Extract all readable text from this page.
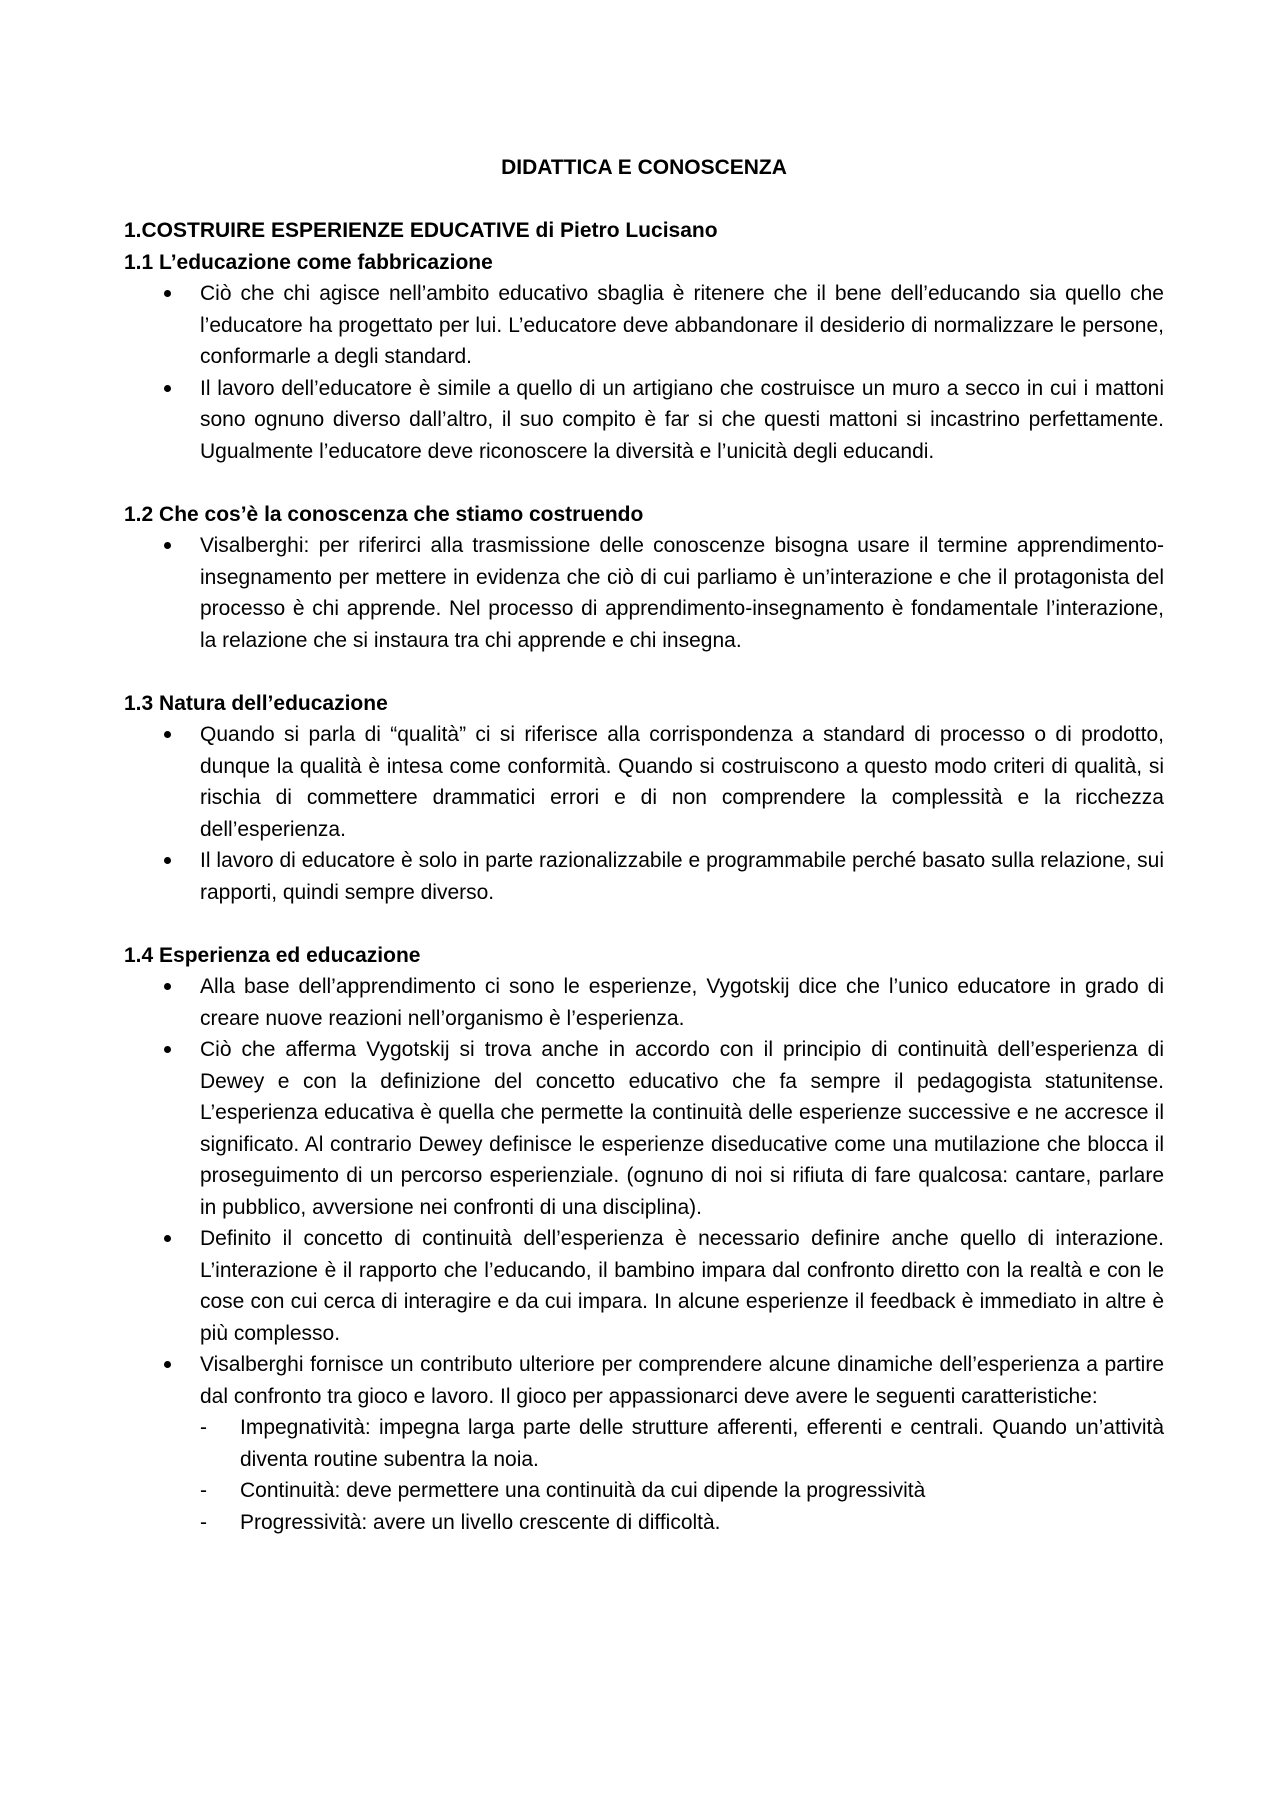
DIDATTICA E CONOSCENZA

1.COSTRUIRE ESPERIENZE EDUCATIVE di Pietro Lucisano

1.1 L’educazione come fabbricazione

Ciò che chi agisce nell’ambito educativo sbaglia è ritenere che il bene dell’educando sia quello che l’educatore ha progettato per lui. L’educatore deve abbandonare il desiderio di normalizzare le persone, conformarle a degli standard.
Il lavoro dell’educatore è simile a quello di un artigiano che costruisce un muro a secco in cui i mattoni sono ognuno diverso dall’altro, il suo compito è far si che questi mattoni si incastrino perfettamente. Ugualmente l’educatore deve riconoscere la diversità e l’unicità degli educandi.

1.2 Che cos’è la conoscenza che stiamo costruendo

Visalberghi: per riferirci alla trasmissione delle conoscenze bisogna usare il termine apprendimento-insegnamento per mettere in evidenza che ciò di cui parliamo è un’interazione e che il protagonista del processo è chi apprende. Nel processo di apprendimento-insegnamento è fondamentale l’interazione, la relazione che si instaura tra chi apprende e chi insegna.

1.3 Natura dell’educazione

Quando si parla di “qualità” ci si riferisce alla corrispondenza a standard di processo o di prodotto, dunque la qualità è intesa come conformità. Quando si costruiscono a questo modo criteri di qualità, si rischia di commettere drammatici errori e di non comprendere la complessità e la ricchezza dell’esperienza.
Il lavoro di educatore è solo in parte razionalizzabile e programmabile perché basato sulla relazione, sui rapporti, quindi sempre diverso.

1.4 Esperienza ed educazione

Alla base dell’apprendimento ci sono le esperienze, Vygotskij dice che l’unico educatore in grado di creare nuove reazioni nell’organismo è l’esperienza.
Ciò che afferma Vygotskij si trova anche in accordo con il principio di continuità dell’esperienza di Dewey e con la definizione del concetto educativo che fa sempre il pedagogista statunitense. L’esperienza educativa è quella che permette la continuità delle esperienze successive e ne accresce il significato. Al contrario Dewey definisce le esperienze diseducative come una mutilazione che blocca il proseguimento di un percorso esperienziale. (ognuno di noi si rifiuta di fare qualcosa: cantare, parlare in pubblico, avversione nei confronti di una disciplina).
Definito il concetto di continuità dell’esperienza è necessario definire anche quello di interazione. L’interazione è il rapporto che l’educando, il bambino impara dal confronto diretto con la realtà e con le cose con cui cerca di interagire e da cui impara. In alcune esperienze il feedback è immediato in altre è più complesso.
Visalberghi fornisce un contributo ulteriore per comprendere alcune dinamiche dell’esperienza a partire dal confronto tra gioco e lavoro. Il gioco per appassionarci deve avere le seguenti caratteristiche:
- Impegnatività: impegna larga parte delle strutture afferenti, efferenti e centrali. Quando un’attività diventa routine subentra la noia.
- Continuità: deve permettere una continuità da cui dipende la progressività
- Progressività: avere un livello crescente di difficoltà.
